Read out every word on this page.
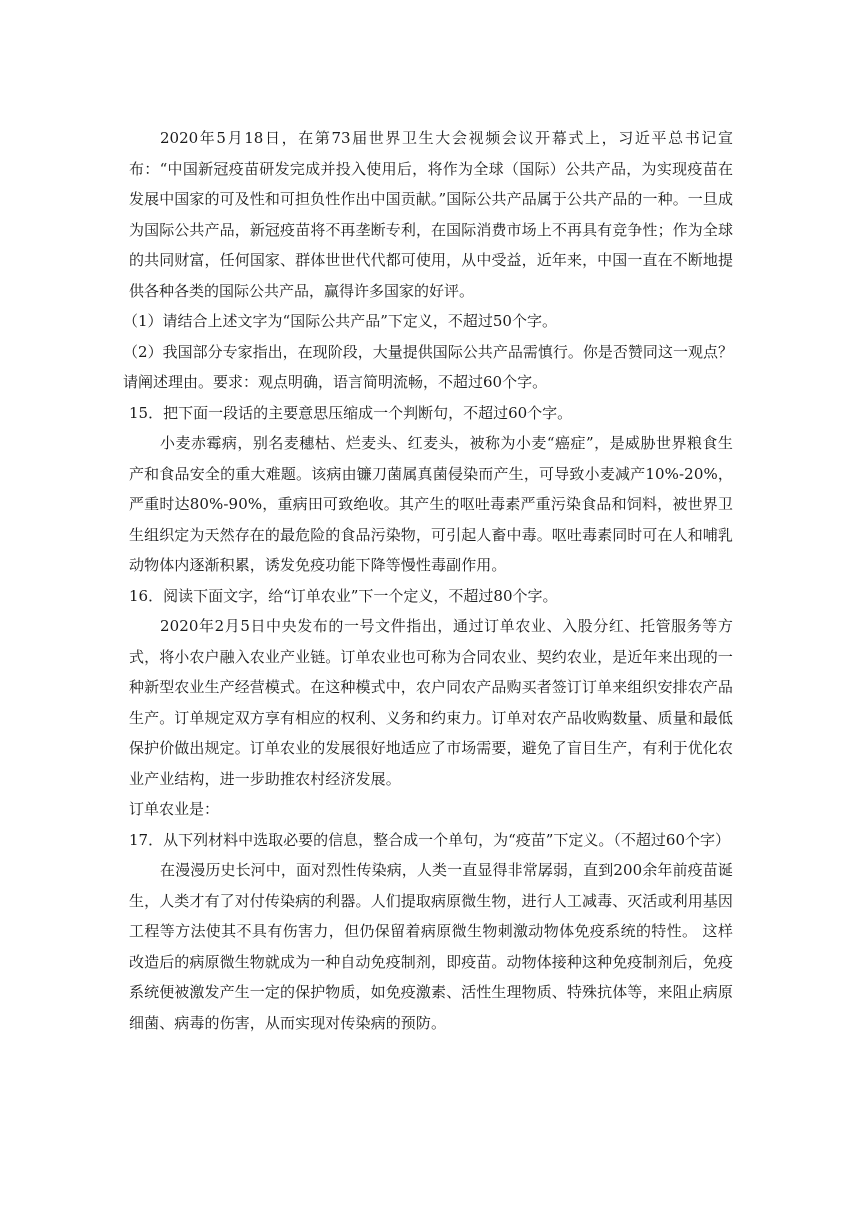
2020年5月18日，在第73届世界卫生大会视频会议开幕式上，习近平总书记宣布：“中国新冠疫苗研发完成并投入使用后，将作为全球（国际）公共产品，为实现疫苗在发展中国家的可及性和可担负性作出中国贡献。”国际公共产品属于公共产品的一种。一旦成为国际公共产品，新冠疫苗将不再垄断专利，在国际消费市场上不再具有竞争性；作为全球的共同财富，任何国家、群体世世代代都可使用，从中受益，近年来，中国一直在不断地提供各种各类的国际公共产品，赢得许多国家的好评。

（1）请结合上述文字为“国际公共产品”下定义，不超过50个字。

（2）我国部分专家指出，在现阶段，大量提供国际公共产品需慎行。你是否赞同这一观点？请阐述理由。要求：观点明确，语言简明流畅，不超过60个字。

15．把下面一段话的主要意思压缩成一个判断句，不超过60个字。

小麦赤霉病，别名麦穗枯、烂麦头、红麦头，被称为小麦“癌症”，是威胁世界粮食生产和食品安全的重大难题。该病由镰刀菌属真菌侵染而产生，可导致小麦减产10%-20%，严重时达80%-90%，重病田可致绝收。其产生的呕吐毒素严重污染食品和饲料，被世界卫生组织定为天然存在的最危险的食品污染物，可引起人畜中毒。呕吐毒素同时可在人和哺乳动物体内逐渐积累，诱发免疫功能下降等慢性毒副作用。

16．阅读下面文字，给“订单农业”下一个定义，不超过80个字。

2020年2月5日中央发布的一号文件指出，通过订单农业、入股分红、托管服务等方式，将小农户融入农业产业链。订单农业也可称为合同农业、契约农业，是近年来出现的一种新型农业生产经营模式。在这种模式中，农户同农产品购买者签订订单来组织安排农产品生产。订单规定双方享有相应的权利、义务和约束力。订单对农产品收购数量、质量和最低保护价做出规定。订单农业的发展很好地适应了市场需要，避免了盲目生产，有利于优化农业产业结构，进一步助推农村经济发展。

订单农业是：

17．从下列材料中选取必要的信息，整合成一个单句，为“疫苗”下定义。（不超过60个字）

在漫漫历史长河中，面对烈性传染病，人类一直显得非常孱弱，直到200余年前疫苗诞生，人类才有了对付传染病的利器。人们提取病原微生物，进行人工减毒、灭活或利用基因工程等方法使其不具有伤害力，但仍保留着病原微生物刺激动物体免疫系统的特性。 这样改造后的病原微生物就成为一种自动免疫制剂，即疫苗。动物体接种这种免疫制剂后，免疫系统便被激发产生一定的保护物质，如免疫激素、活性生理物质、特殊抗体等，来阻止病原细菌、病毒的伤害，从而实现对传染病的预防。
